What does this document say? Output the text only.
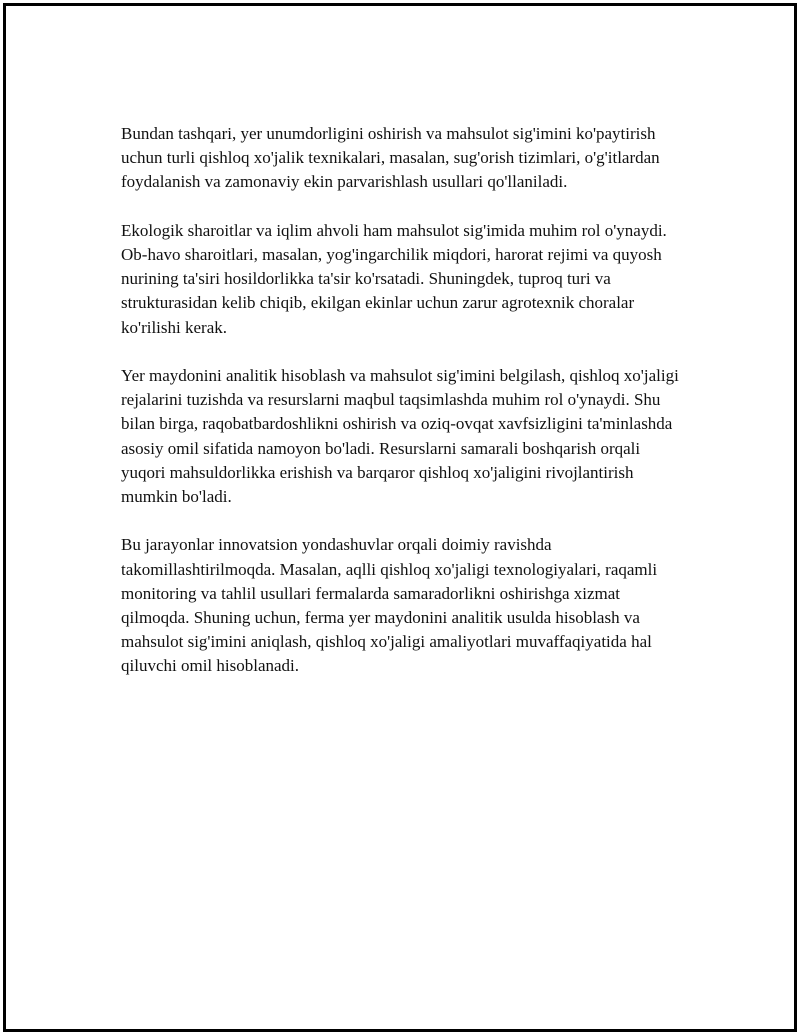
Bundan tashqari, yer unumdorligini oshirish va mahsulot sig'imini ko'paytirish uchun turli qishloq xo'jalik texnikalari, masalan, sug'orish tizimlari, o'g'itlardan foydalanish va zamonaviy ekin parvarishlash usullari qo'llaniladi.

Ekologik sharoitlar va iqlim ahvoli ham mahsulot sig'imida muhim rol o'ynaydi. Ob-havo sharoitlari, masalan, yog'ingarchilik miqdori, harorat rejimi va quyosh nurining ta'siri hosildorlikka ta'sir ko'rsatadi. Shuningdek, tuproq turi va strukturasidan kelib chiqib, ekilgan ekinlar uchun zarur agrotexnik choralar ko'rilishi kerak.

Yer maydonini analitik hisoblash va mahsulot sig'imini belgilash, qishloq xo'jaligi rejalarini tuzishda va resurslarni maqbul taqsimlashda muhim rol o'ynaydi. Shu bilan birga, raqobatbardoshlikni oshirish va oziq-ovqat xavfsizligini ta'minlashda asosiy omil sifatida namoyon bo'ladi. Resurslarni samarali boshqarish orqali yuqori mahsuldorlikka erishish va barqaror qishloq xo'jaligini rivojlantirish mumkin bo'ladi.

Bu jarayonlar innovatsion yondashuvlar orqali doimiy ravishda takomillashtirilmoqda. Masalan, aqlli qishloq xo'jaligi texnologiyalari, raqamli monitoring va tahlil usullari fermalarda samaradorlikni oshirishga xizmat qilmoqda. Shuning uchun, ferma yer maydonini analitik usulda hisoblash va mahsulot sig'imini aniqlash, qishloq xo'jaligi amaliyotlari muvaffaqiyatida hal qiluvchi omil hisoblanadi.
